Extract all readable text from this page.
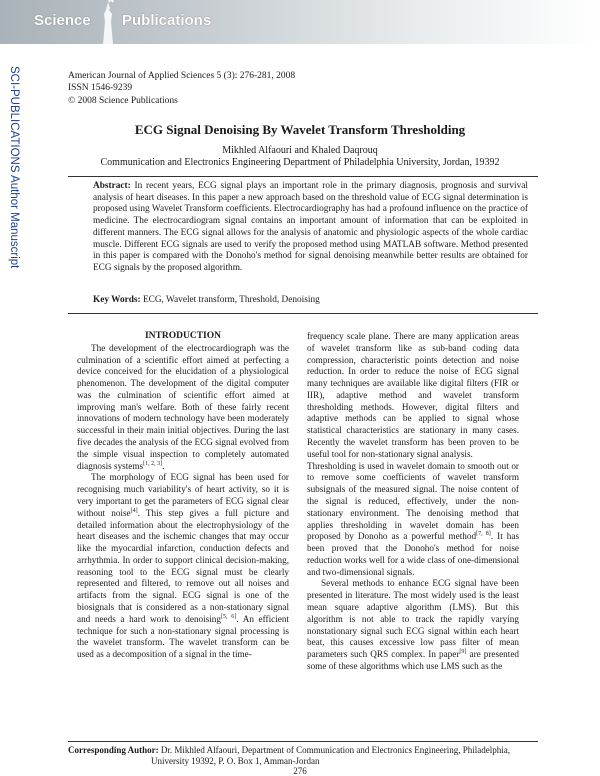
Science Publications
SCI-PUBLICATIONS Author Manuscript	American Journal of Applied Sciences 5 (3): 276-281, 2008
ISSN 1546-9239
© 2008 Science Publications
ECG Signal Denoising By Wavelet Transform Thresholding
Mikhled Alfaouri and Khaled Daqrouq
Communication and Electronics Engineering Department of Philadelphia University, Jordan, 19392
Abstract: In recent years, ECG signal plays an important role in the primary diagnosis, prognosis and survival analysis of heart diseases. In this paper a new approach based on the threshold value of ECG signal determination is proposed using Wavelet Transform coefficients. Electrocardiography has had a profound influence on the practice of medicine. The electrocardiogram signal contains an important amount of information that can be exploited in different manners. The ECG signal allows for the analysis of anatomic and physiologic aspects of the whole cardiac muscle. Different ECG signals are used to verify the proposed method using MATLAB software. Method presented in this paper is compared with the Donoho's method for signal denoising meanwhile better results are obtained for ECG signals by the proposed algorithm.
Key Words: ECG, Wavelet transform, Threshold, Denoising

INTRODUCTION

The development of the electrocardiograph was the culmination of a scientific effort aimed at perfecting a device conceived for the elucidation of a physiological phenomenon. The development of the digital computer was the culmination of scientific effort aimed at improving man's welfare. Both of these fairly recent innovations of modern technology have been moderately successful in their main initial objectives. During the last five decades the analysis of the ECG signal evolved from the simple visual inspection to completely automated diagnosis systems[1, 2, 3].

The morphology of ECG signal has been used for recognising much variability's of heart activity, so it is very important to get the parameters of ECG signal clear without noise[4]. This step gives a full picture and detailed information about the electrophysiology of the heart diseases and the ischemic changes that may occur like the myocardial infarction, conduction defects and arrhythmia. In order to support clinical decision-making, reasoning tool to the ECG signal must be clearly represented and filtered, to remove out all noises and artifacts from the signal. ECG signal is one of the biosignals that is considered as a non-stationary signal and needs a hard work to denoising[5, 6]. An efficient technique for such a non-stationary signal processing is the wavelet transform. The wavelet transform can be used as a decomposition of a signal in the time-

frequency scale plane. There are many application areas of wavelet transform like as sub-band coding data compression, characteristic points detection and noise reduction. In order to reduce the noise of ECG signal many techniques are available like digital filters (FIR or IIR), adaptive method and wavelet transform thresholding methods. However, digital filters and adaptive methods can be applied to signal whose statistical characteristics are stationary in many cases. Recently the wavelet transform has been proven to be useful tool for non-stationary signal analysis.

Thresholding is used in wavelet domain to smooth out or to remove some coefficients of wavelet transform subsignals of the measured signal. The noise content of the signal is reduced, effectively, under the non-stationary environment. The denoising method that applies thresholding in wavelet domain has been proposed by Donoho as a powerful method[7, 8]. It has been proved that the Donoho's method for noise reduction works well for a wide class of one-dimensional and two-dimensional signals.

Several methods to enhance ECG signal have been presented in literature. The most widely used is the least mean square adaptive algorithm (LMS). But this algorithm is not able to track the rapidly varying nonstationary signal such ECG signal within each heart beat, this causes excessive low pass filter of mean parameters such QRS complex. In paper[9] are presented some of these algorithms which use LMS such as the

Corresponding Author: Dr. Mikhled Alfaouri, Department of Communication and Electronics Engineering, Philadelphia,
University 19392, P. O. Box 1, Amman-Jordan
276
